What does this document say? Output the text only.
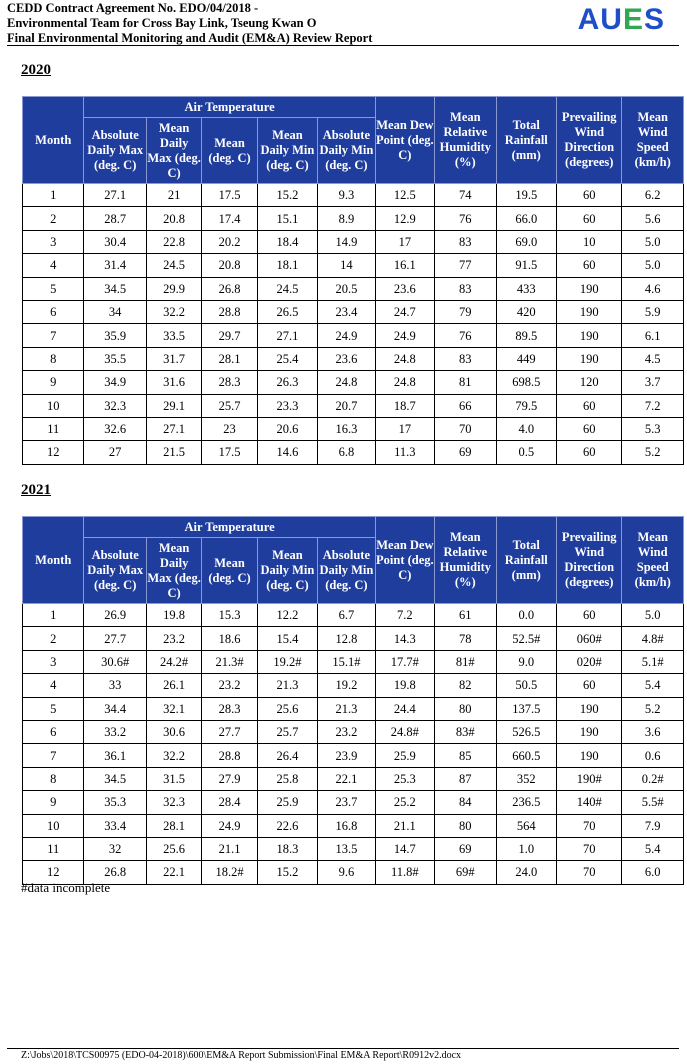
CEDD Contract Agreement No. EDO/04/2018 -
Environmental Team for Cross Bay Link, Tseung Kwan O
Final Environmental Monitoring and Audit (EM&A) Review Report
AUES
2020
Month	Air Temperature					Mean Dew Point (deg. C)	Mean Relative Humidity (%)	Total Rainfall (mm)	Prevailing Wind Direction (degrees)	Mean Wind Speed (km/h)
	Absolute Daily Max (deg. C)	Mean Daily Max (deg. C)	Mean (deg. C)	Mean Daily Min (deg. C)	Absolute Daily Min (deg. C)					
1	27.1	21	17.5	15.2	9.3	12.5	74	19.5	60	6.2
2	28.7	20.8	17.4	15.1	8.9	12.9	76	66.0	60	5.6
3	30.4	22.8	20.2	18.4	14.9	17	83	69.0	10	5.0
4	31.4	24.5	20.8	18.1	14	16.1	77	91.5	60	5.0
5	34.5	29.9	26.8	24.5	20.5	23.6	83	433	190	4.6
6	34	32.2	28.8	26.5	23.4	24.7	79	420	190	5.9
7	35.9	33.5	29.7	27.1	24.9	24.9	76	89.5	190	6.1
8	35.5	31.7	28.1	25.4	23.6	24.8	83	449	190	4.5
9	34.9	31.6	28.3	26.3	24.8	24.8	81	698.5	120	3.7
10	32.3	29.1	25.7	23.3	20.7	18.7	66	79.5	60	7.2
11	32.6	27.1	23	20.6	16.3	17	70	4.0	60	5.3
12	27	21.5	17.5	14.6	6.8	11.3	69	0.5	60	5.2
2021
Month	Air Temperature					Mean Dew Point (deg. C)	Mean Relative Humidity (%)	Total Rainfall (mm)	Prevailing Wind Direction (degrees)	Mean Wind Speed (km/h)
	Absolute Daily Max (deg. C)	Mean Daily Max (deg. C)	Mean (deg. C)	Mean Daily Min (deg. C)	Absolute Daily Min (deg. C)					
1	26.9	19.8	15.3	12.2	6.7	7.2	61	0.0	60	5.0
2	27.7	23.2	18.6	15.4	12.8	14.3	78	52.5#	060#	4.8#
3	30.6#	24.2#	21.3#	19.2#	15.1#	17.7#	81#	9.0	020#	5.1#
4	33	26.1	23.2	21.3	19.2	19.8	82	50.5	60	5.4
5	34.4	32.1	28.3	25.6	21.3	24.4	80	137.5	190	5.2
6	33.2	30.6	27.7	25.7	23.2	24.8#	83#	526.5	190	3.6
7	36.1	32.2	28.8	26.4	23.9	25.9	85	660.5	190	0.6
8	34.5	31.5	27.9	25.8	22.1	25.3	87	352	190#	0.2#
9	35.3	32.3	28.4	25.9	23.7	25.2	84	236.5	140#	5.5#
10	33.4	28.1	24.9	22.6	16.8	21.1	80	564	70	7.9
11	32	25.6	21.1	18.3	13.5	14.7	69	1.0	70	5.4
12	26.8	22.1	18.2#	15.2	9.6	11.8#	69#	24.0	70	6.0
#data incomplete
Z:\Jobs\2018\TCS00975 (EDO-04-2018)\600\EM&A Report Submission\Final EM&A Report\R0912v2.docx
